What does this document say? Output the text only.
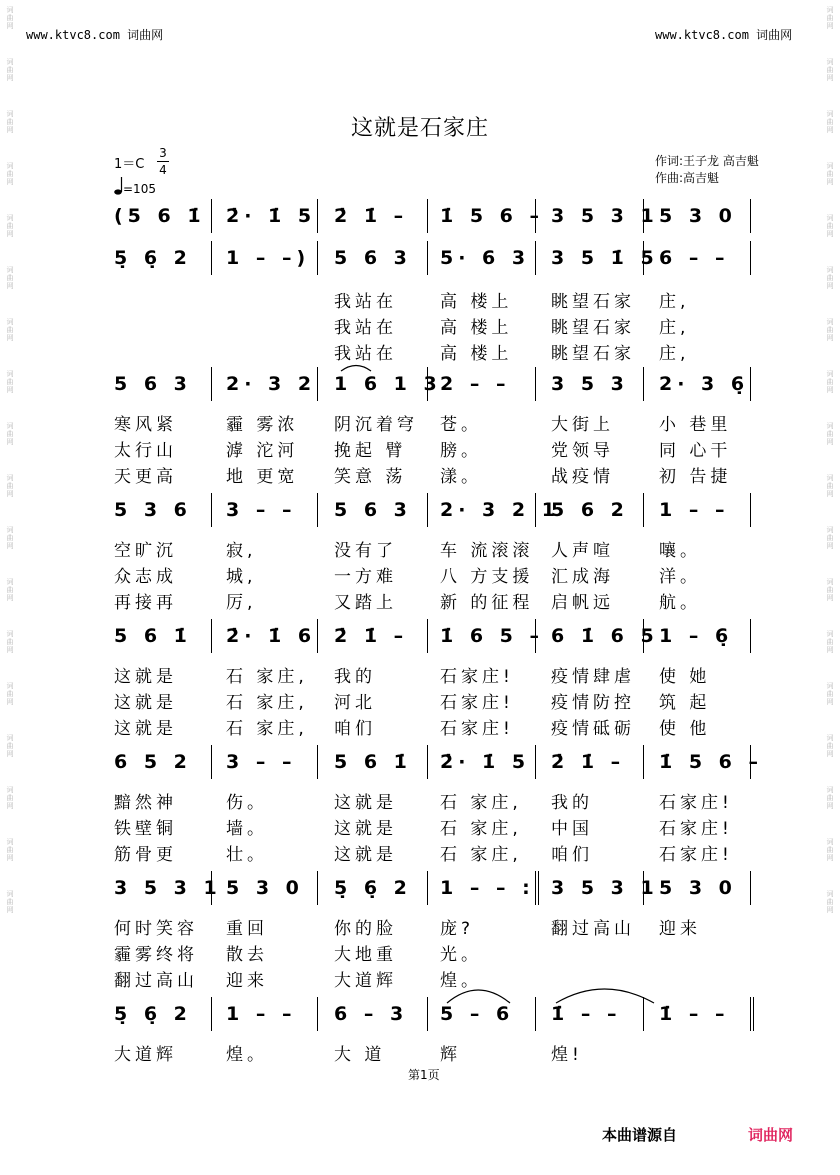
词
曲
网
词
曲
网
词
曲
网
词
曲
网
词
曲
网
词
曲
网
词
曲
网
词
曲
网
词
曲
网
词
曲
网
词
曲
网
词
曲
网
词
曲
网
词
曲
网
词
曲
网
词
曲
网
词
曲
网
词
曲
网
词
曲
网
词
曲
网
词
曲
网
词
曲
网
词
曲
网
词
曲
网
词
曲
网
词
曲
网
词
曲
网
词
曲
网
词
曲
网
词
曲
网
词
曲
网
词
曲
网
词
曲
网
词
曲
网
词
曲
网
词
曲
网
www.ktvc8.com 词曲网	www.ktvc8.com 词曲网
这就是石家庄
1＝C
3
4
=105
作词:王子龙 高吉魁
作曲:高吉魁
(5 6 1̇ 2̇· 1̇ 5 2̇ 1̇ – 1̇ 5 6 – 3 5 3 1 5 3 0
5̣ 6̣ 2 1 – –) 5 6 3 5· 6 3 3 5 1̇ 5 6 – –
我站在	高 楼上 眺望石家 庄,
我站在	高 楼上 眺望石家 庄,
我站在	高 楼上 眺望石家 庄,
5 6 3 2· 3 2 1 6 1 3
2 – – 3 5 3 2· 3 6̣
寒风紧	霾 雾浓 阴沉着穹 苍。	大街上	小 巷里
太行山	滹 沱河 挽起 臂 膀。	党领导	同 心干
天更高	地 更宽 笑意 荡 漾。	战疫情	初 告捷
5 3 6 3 – – 5 6 3 2· 3 2 1
5 6 2 1 – –
空旷沉	寂,	没有了	车 流滚滚 人声喧	嚷。
众志成	城,	一方难	八 方支援 汇成海	洋。
再接再	厉,	又踏上	新 的征程 启帆远	航。
5 6 1̇ 2̇· 1̇ 6 2̇ 1̇ – 1̇ 6 5 – 6 1̇ 6 5 1 – 6̣
这就是	石 家庄, 我的	石家庄! 疫情肆虐 使 她
这就是	石 家庄, 河北	石家庄! 疫情防控 筑 起
这就是	石 家庄, 咱们	石家庄! 疫情砥砺 使 他
6 5 2 3 – – 5 6 1̇ 2̇· 1̇ 5 2̇ 1̇ – 1̇ 5 6 –
黯然神	伤。	这就是	石 家庄, 我的	石家庄!
铁壁铜	墙。	这就是	石 家庄, 中国	石家庄!
筋骨更	壮。	这就是	石 家庄, 咱们	石家庄!
3 5 3 1 5 3 0 5̣ 6̣ 2 1 – – : 3 5 3 1 5 3 0
何时笑容 重回	你的脸	庞?	翻过高山 迎来
霾雾终将 散去	大地重	光。
翻过高山 迎来	大道辉	煌。
5̣ 6̣ 2 1 – – 6 – 3 5 – 6 1̇ – – 1̇ – –
大道辉	煌。	大 道	辉	煌!
第1页
本曲谱源自	词曲网
